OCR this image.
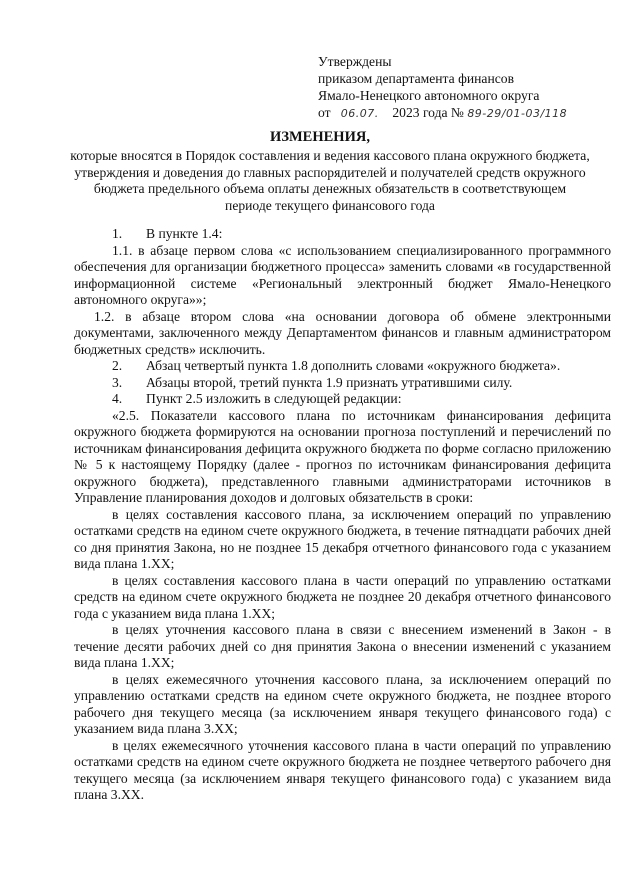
Утверждены
приказом департамента финансов
Ямало-Ненецкого автономного округа
от 06.07. 2023 года № 89-29/01-03/118
ИЗМЕНЕНИЯ,
которые вносятся в Порядок составления и ведения кассового плана окружного бюджета, утверждения и доведения до главных распорядителей и получателей средств окружного бюджета предельного объема оплаты денежных обязательств в соответствующем периоде текущего финансового года

1. В пункте 1.4:

1.1. в абзаце первом слова «с использованием специализированного программного обеспечения для организации бюджетного процесса» заменить словами «в государственной информационной системе «Региональный электронный бюджет Ямало-Ненецкого автономного округа»»;

1.2. в абзаце втором слова «на основании договора об обмене электронными документами, заключенного между Департаментом финансов и главным администратором бюджетных средств» исключить.

2. Абзац четвертый пункта 1.8 дополнить словами «окружного бюджета».

3. Абзацы второй, третий пункта 1.9 признать утратившими силу.

4. Пункт 2.5 изложить в следующей редакции:

«2.5. Показатели кассового плана по источникам финансирования дефицита окружного бюджета формируются на основании прогноза поступлений и перечислений по источникам финансирования дефицита окружного бюджета по форме согласно приложению № 5 к настоящему Порядку (далее - прогноз по источникам финансирования дефицита окружного бюджета), представленного главными администраторами источников в Управление планирования доходов и долговых обязательств в сроки:

в целях составления кассового плана, за исключением операций по управлению остатками средств на едином счете окружного бюджета, в течение пятнадцати рабочих дней со дня принятия Закона, но не позднее 15 декабря отчетного финансового года с указанием вида плана 1.ХХ;

в целях составления кассового плана в части операций по управлению остатками средств на едином счете окружного бюджета не позднее 20 декабря отчетного финансового года с указанием вида плана 1.ХХ;

в целях уточнения кассового плана в связи с внесением изменений в Закон - в течение десяти рабочих дней со дня принятия Закона о внесении изменений с указанием вида плана 1.ХХ;

в целях ежемесячного уточнения кассового плана, за исключением операций по управлению остатками средств на едином счете окружного бюджета, не позднее второго рабочего дня текущего месяца (за исключением января текущего финансового года) с указанием вида плана 3.ХХ;

в целях ежемесячного уточнения кассового плана в части операций по управлению остатками средств на едином счете окружного бюджета не позднее четвертого рабочего дня текущего месяца (за исключением января текущего финансового года) с указанием вида плана 3.ХХ.
